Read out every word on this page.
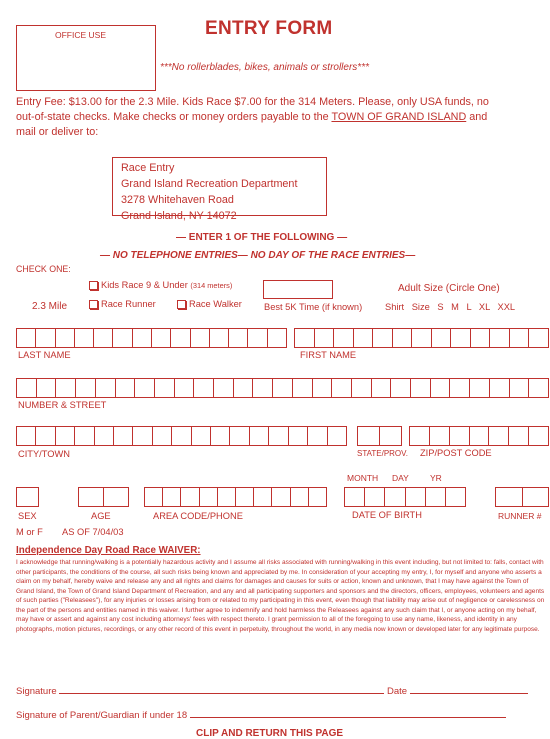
OFFICE USE	ENTRY FORM
***No rollerblades, bikes, animals or strollers***
Entry Fee: $13.00 for the 2.3 Mile. Kids Race $7.00 for the 314 Meters. Please, only USA funds, no
out-of-state checks. Make checks or money orders payable to the TOWN OF GRAND ISLAND and
mail or deliver to:
Race Entry
Grand Island Recreation Department
3278 Whitehaven Road
Grand Island, NY 14072
— ENTER 1 OF THE FOLLOWING —
— NO TELEPHONE ENTRIES— NO DAY OF THE RACE ENTRIES—
CHECK ONE:
Kids Race 9 & Under (314 meters)	Adult Size (Circle One)
2.3 Mile	Race Runner	Race Walker Best 5K Time (if known) Shirt Size S M L XL XXL
LAST NAME	FIRST NAME
NUMBER & STREET
CITY/TOWN	STATE/PROV. ZIP/POST CODE
MONTH DAY YR
SEX	AGE	AREA CODE/PHONE	DATE OF BIRTH	RUNNER #
M or F AS OF 7/04/03
Independence Day Road Race WAIVER:
I acknowledge that running/walking is a potentially hazardous activity and I assume all risks associated with running/walking in this event including, but not limited to: falls, contact with other participants, the conditions of the course, all such risks being known and appreciated by me. In consideration of your accepting my entry, I, for myself and anyone who asserts a claim on my behalf, hereby waive and release any and all rights and claims for damages and causes for suits or action, known and unknown, that I may have against the Town of Grand Island, the Town of Grand Island Department of Recreation, and any and all participating supporters and sponsors and the directors, officers, employees, volunteers and agents of such parties ("Releasees"), for any injuries or losses arising from or related to my participating in this event, even though that liability may arise out of negligence or carelessness on the part of the persons and entities named in this waiver. I further agree to indemnify and hold harmless the Releasees against any such claim that I, or anyone acting on my behalf, may have or assert and against any cost including attorneys' fees with respect thereto. I grant permission to all of the foregoing to use any name, likeness, and identity in any photographs, motion pictures, recordings, or any other record of this event in perpetuity, throughout the world, in any media now known or developed later for any legitimate purpose.
Signature	Date
Signature of Parent/Guardian if under 18
CLIP AND RETURN THIS PAGE
